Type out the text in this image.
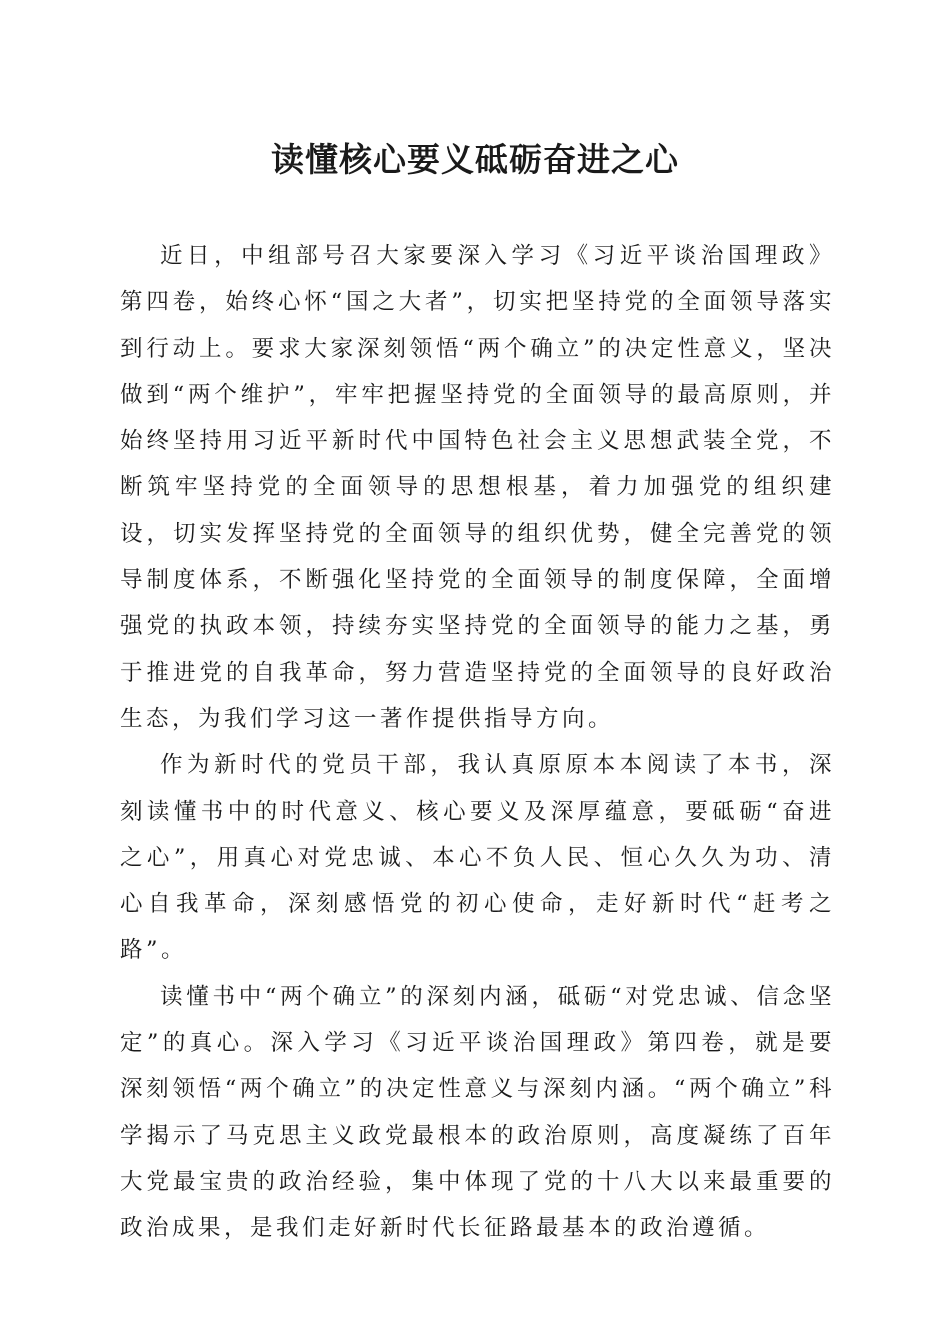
读懂核心要义砥砺奋进之心

近日，中组部号召大家要深入学习《习近平谈治国理政》第四卷，始终心怀“国之大者”，切实把坚持党的全面领导落实到行动上。要求大家深刻领悟“两个确立”的决定性意义，坚决做到“两个维护”，牢牢把握坚持党的全面领导的最高原则，并始终坚持用习近平新时代中国特色社会主义思想武装全党，不断筑牢坚持党的全面领导的思想根基，着力加强党的组织建设，切实发挥坚持党的全面领导的组织优势，健全完善党的领导制度体系，不断强化坚持党的全面领导的制度保障，全面增强党的执政本领，持续夯实坚持党的全面领导的能力之基，勇于推进党的自我革命，努力营造坚持党的全面领导的良好政治生态，为我们学习这一著作提供指导方向。

作为新时代的党员干部，我认真原原本本阅读了本书，深刻读懂书中的时代意义、核心要义及深厚蕴意，要砥砺“奋进之心”，用真心对党忠诚、本心不负人民、恒心久久为功、清心自我革命，深刻感悟党的初心使命，走好新时代“赶考之路”。

读懂书中“两个确立”的深刻内涵，砥砺“对党忠诚、信念坚定”的真心。深入学习《习近平谈治国理政》第四卷，就是要深刻领悟“两个确立”的决定性意义与深刻内涵。“两个确立”科学揭示了马克思主义政党最根本的政治原则，高度凝练了百年大党最宝贵的政治经验，集中体现了党的十八大以来最重要的政治成果，是我们走好新时代长征路最基本的政治遵循。
